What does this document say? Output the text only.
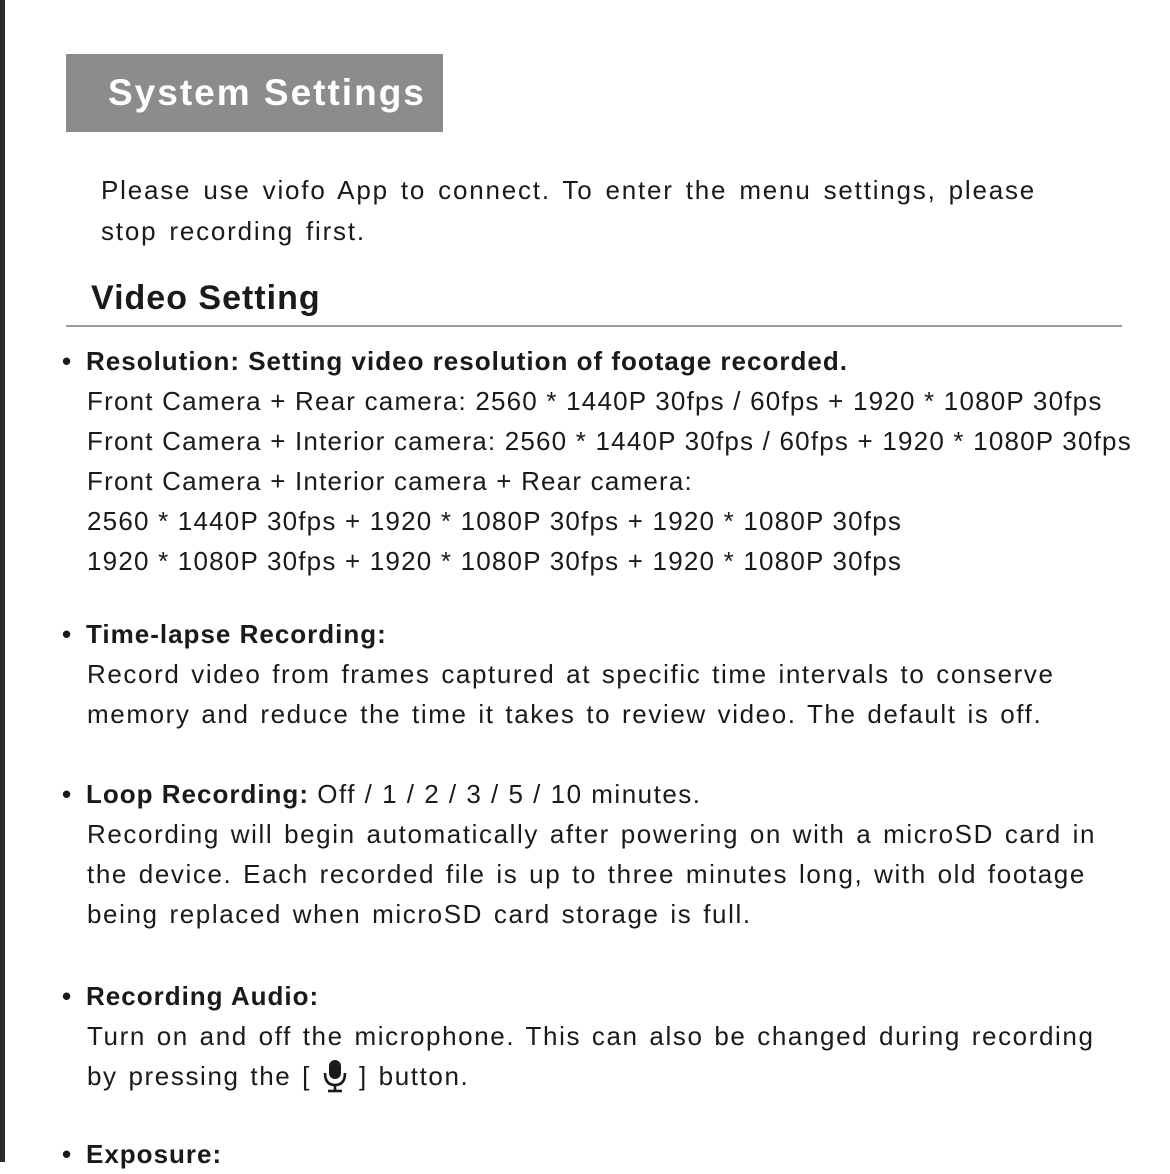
System Settings

Please use viofo App to connect. To enter the menu settings, please stop recording first.

Video Setting
• Resolution: Setting video resolution of footage recorded.
Front Camera + Rear camera: 2560 * 1440P 30fps / 60fps + 1920 * 1080P 30fps
Front Camera + Interior camera: 2560 * 1440P 30fps / 60fps + 1920 * 1080P 30fps
Front Camera + Interior camera + Rear camera:
2560 * 1440P 30fps + 1920 * 1080P 30fps + 1920 * 1080P 30fps
1920 * 1080P 30fps + 1920 * 1080P 30fps + 1920 * 1080P 30fps
• Time-lapse Recording:
Record video from frames captured at specific time intervals to conserve memory and reduce the time it takes to review video. The default is off.
• Loop Recording: Off / 1 / 2 / 3 / 5 / 10 minutes.
Recording will begin automatically after powering on with a microSD card in the device. Each recorded file is up to three minutes long, with old footage being replaced when microSD card storage is full.
• Recording Audio:
Turn on and off the microphone. This can also be changed during recording by pressing the [ ] button.
• Exposure:
